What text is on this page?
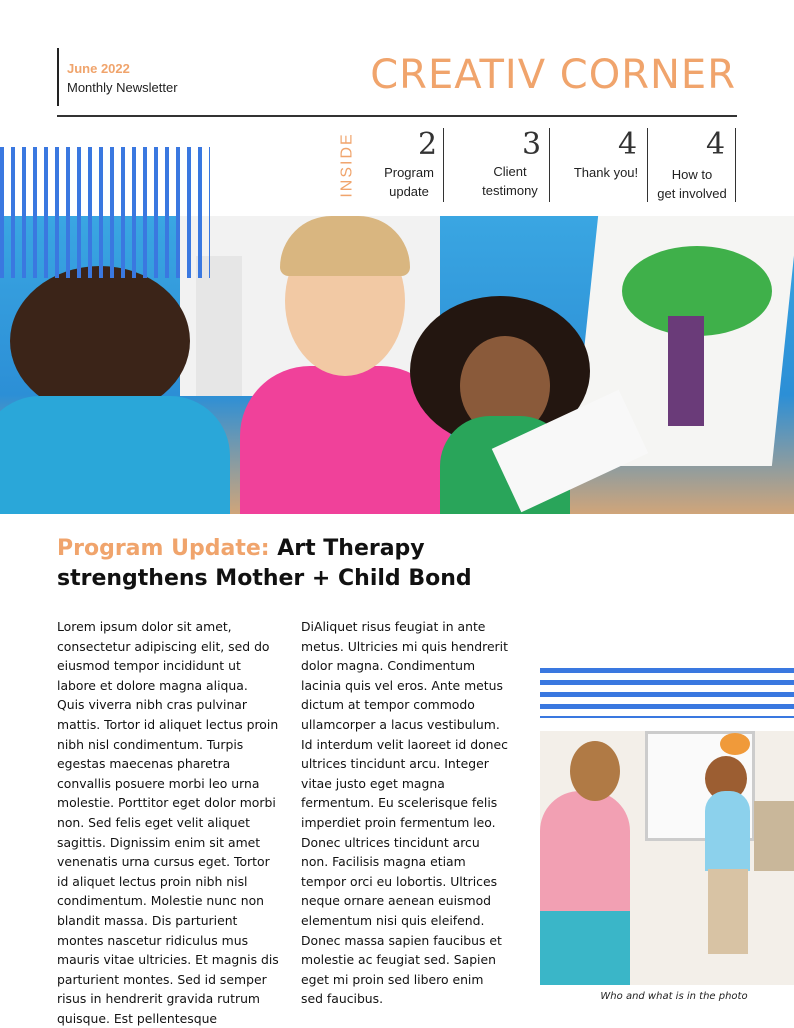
June 2022
Monthly Newsletter	CREATIV CORNER
INSIDE 2
Program
update
3
Client
testimony
4
Thank you!
4
How to
get involved
Program Update: Art Therapy strengthens Mother + Child Bond

Lorem ipsum dolor sit amet, consectetur adipiscing elit, sed do eiusmod tempor incididunt ut labore et dolore magna aliqua. Quis viverra nibh cras pulvinar mattis. Tortor id aliquet lectus proin nibh nisl condimentum. Turpis egestas maecenas pharetra convallis posuere morbi leo urna molestie. Porttitor eget dolor morbi non. Sed felis eget velit aliquet sagittis. Dignissim enim sit amet venenatis urna cursus eget. Tortor id aliquet lectus proin nibh nisl condimentum. Molestie nunc non blandit massa. Dis parturient montes nascetur ridiculus mus mauris vitae ultricies. Et magnis dis parturient montes. Sed id semper risus in hendrerit gravida rutrum quisque. Est pellentesque

DiAliquet risus feugiat in ante metus. Ultricies mi quis hendrerit dolor magna. Condimentum lacinia quis vel eros. Ante metus dictum at tempor commodo ullamcorper a lacus vestibulum. Id interdum velit laoreet id donec ultrices tincidunt arcu. Integer vitae justo eget magna fermentum. Eu scelerisque felis imperdiet proin fermentum leo. Donec ultrices tincidunt arcu non. Facilisis magna etiam tempor orci eu lobortis. Ultrices neque ornare aenean euismod elementum nisi quis eleifend. Donec massa sapien faucibus et molestie ac feugiat sed. Sapien eget mi proin sed libero enim sed faucibus.	Who and what is in the photo
